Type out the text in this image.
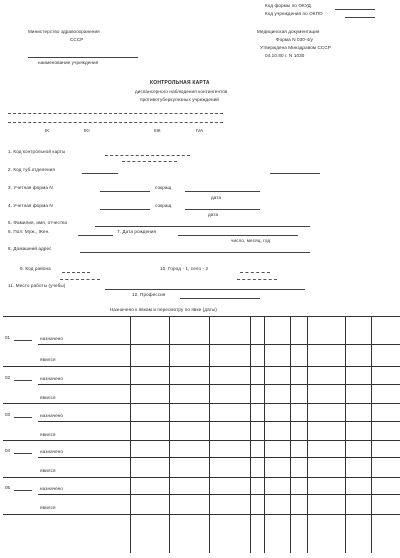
Код формы по ОКУД
Код учреждения по ОКПО
Министерство здравоохранения
СССР
наименование учреждения
Медицинская документация
Форма N 030-4/у
Утверждена Минздравом СССР
04.10.80 г. N 1030
КОНТРОЛЬНАЯ КАРТА
диспансерного наблюдения контингентов
противотуберкулезных учреждений
IK	IKI	IIIК	IVA
1. Код контрольной карты
2. Код туб.отделения
3. Учетная форма N	сокращ
дата
4. Учетная форма N	сокращ
дата
5. Фамилия, имя, отчество
6. Пол: Муж., Жен.	7. Дата рождения
число, месяц, год
8. Домашний адрес
9. Код района	10. Город - 1, село - 2
11. Место работы (учебы)
12. Профессия
Назначено к явкам и пересмотру по явке (даты)
01	назначено
явился
02	назначено
явился
03	назначено
явился
04	назначено
явился
05	назначено
явился
